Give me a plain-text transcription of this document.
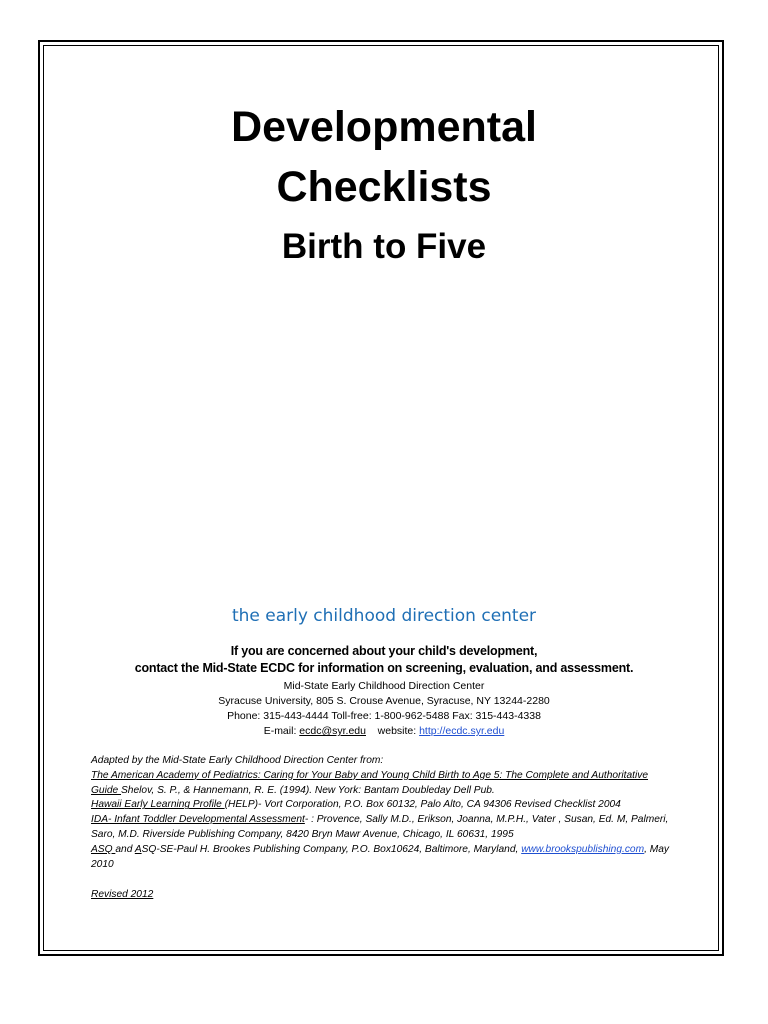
Developmental
Checklists
Birth to Five
the early childhood direction center
If you are concerned about your child's development,
contact the Mid-State ECDC for information on screening, evaluation, and assessment.
Mid-State Early Childhood Direction Center
Syracuse University, 805 S. Crouse Avenue, Syracuse, NY 13244-2280
Phone: 315-443-4444 Toll-free: 1-800-962-5488 Fax: 315-443-4338
E-mail: ecdc@syr.edu    website: http://ecdc.syr.edu

Adapted by the Mid-State Early Childhood Direction Center from:

The American Academy of Pediatrics: Caring for Your Baby and Young Child Birth to Age 5: The Complete and Authoritative Guide Shelov, S. P., & Hannemann, R. E. (1994). New York: Bantam Doubleday Dell Pub.

Hawaii Early Learning Profile (HELP)- Vort Corporation, P.O. Box 60132, Palo Alto, CA 94306 Revised Checklist 2004

IDA- Infant Toddler Developmental Assessment- : Provence, Sally M.D., Erikson, Joanna, M.P.H., Vater , Susan, Ed. M, Palmeri, Saro, M.D. Riverside Publishing Company, 8420 Bryn Mawr Avenue, Chicago, IL 60631, 1995

ASQ and ASQ-SE-Paul H. Brookes Publishing Company, P.O. Box10624, Baltimore, Maryland, www.brookspublishing.com, May 2010

Revised 2012
